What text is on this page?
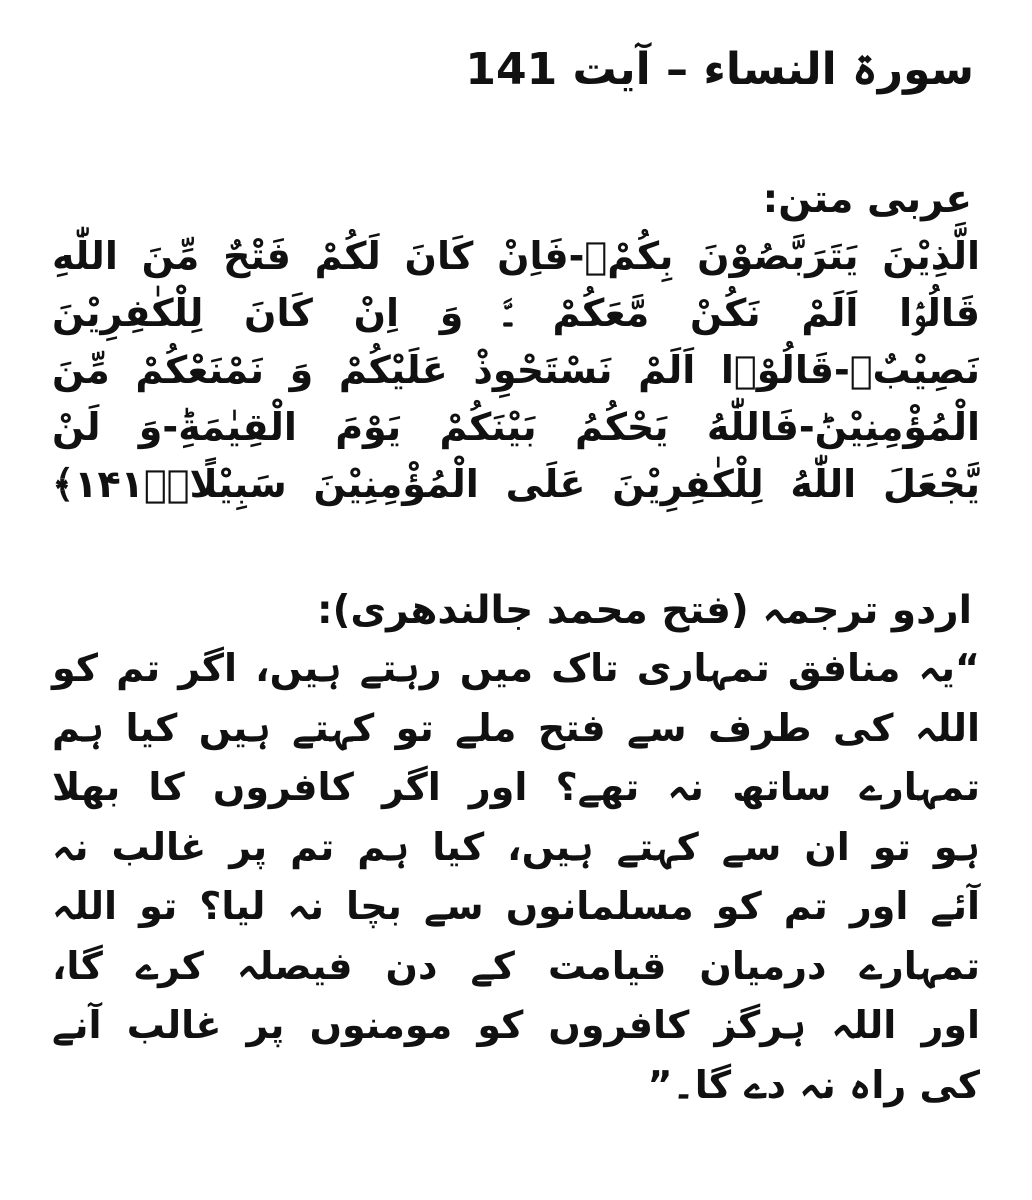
سورۃ النساء – آیت 141
عربی متن:
الَّذِيْنَ يَتَرَبَّصُوْنَ بِكُمْۚ-فَاِنْ كَانَ لَكُمْ فَتْحٌ مِّنَ اللّٰهِ
قَالُوْۤا اَلَمْ نَكُنْ مَّعَكُمْ ﳲ وَ اِنْ كَانَ لِلْكٰفِرِيْنَ
نَصِيْبٌۙ-قَالُوْۤا اَلَمْ نَسْتَحْوِذْ عَلَيْكُمْ وَ نَمْنَعْكُمْ مِّنَ
الْمُؤْمِنِيْنَؕ-فَاللّٰهُ يَحْكُمُ بَيْنَكُمْ يَوْمَ الْقِيٰمَةِؕ-وَ لَنْ
يَّجْعَلَ اللّٰهُ لِلْكٰفِرِيْنَ عَلَى الْمُؤْمِنِيْنَ سَبِيْلًا۠﴿۱۴۱﴾
اردو ترجمہ (فتح محمد جالندھری):
“یہ منافق تمہاری تاک میں رہتے ہیں، اگر تم کو
اللہ کی طرف سے فتح ملے تو کہتے ہیں کیا ہم
تمہارے ساتھ نہ تھے؟ اور اگر کافروں کا بھلا
ہو تو ان سے کہتے ہیں، کیا ہم تم پر غالب نہ
آئے اور تم کو مسلمانوں سے بچا نہ لیا؟ تو اللہ
تمہارے درمیان قیامت کے دن فیصلہ کرے گا،
اور اللہ ہرگز کافروں کو مومنوں پر غالب آنے
کی راہ نہ دے گا۔”
